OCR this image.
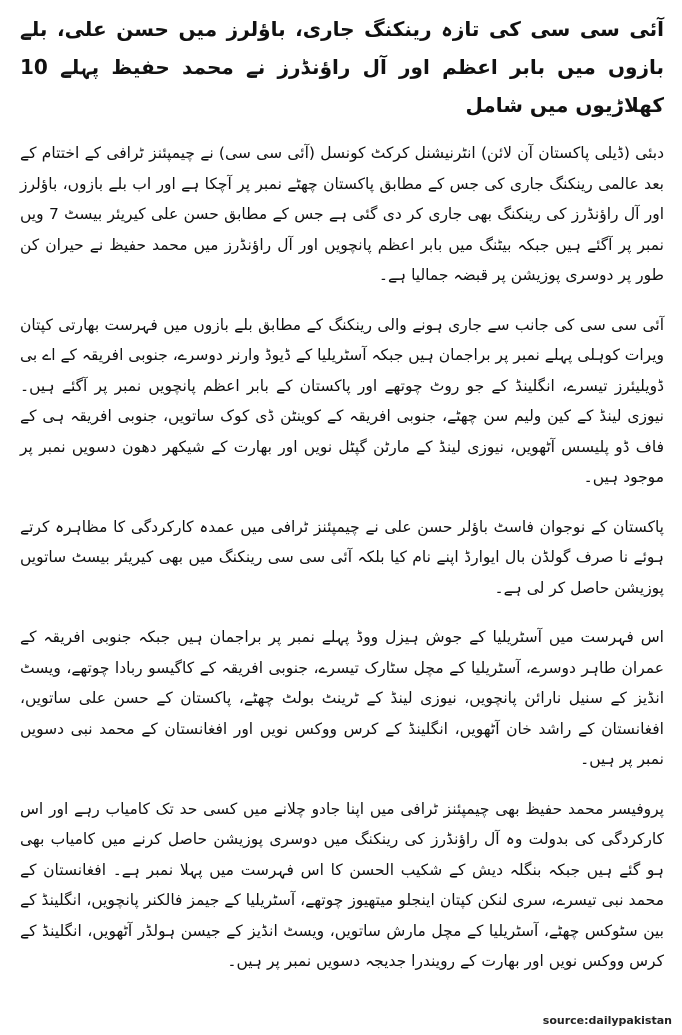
آئی سی سی کی تازہ رینکنگ جاری، باؤلرز میں حسن علی، بلے بازوں میں بابر اعظم اور آل راؤنڈرز نے محمد حفیظ پہلے 10 کھلاڑیوں میں شامل

دبئی (ڈیلی پاکستان آن لائن) انٹرنیشنل کرکٹ کونسل (آئی سی سی) نے چیمپئنز ٹرافی کے اختتام کے بعد عالمی رینکنگ جاری کی جس کے مطابق پاکستان چھٹے نمبر پر آچکا ہے اور اب بلے بازوں، باؤلرز اور آل راؤنڈرز کی رینکنگ بھی جاری کر دی گئی ہے جس کے مطابق حسن علی کیریئر بیسٹ 7 ویں نمبر پر آگئے ہیں جبکہ بیٹنگ میں بابر اعظم پانچویں اور آل راؤنڈرز میں محمد حفیظ نے حیران کن طور پر دوسری پوزیشن پر قبضہ جمالیا ہے۔

آئی سی سی کی جانب سے جاری ہونے والی رینکنگ کے مطابق بلے بازوں میں فہرست بھارتی کپتان ویرات کوہلی پہلے نمبر پر براجمان ہیں جبکہ آسٹریلیا کے ڈیوڈ وارنر دوسرے، جنوبی افریقہ کے اے بی ڈویلیئرز تیسرے، انگلینڈ کے جو روٹ چوتھے اور پاکستان کے بابر اعظم پانچویں نمبر پر آگئے ہیں۔ نیوزی لینڈ کے کین ولیم سن چھٹے، جنوبی افریقہ کے کوینٹن ڈی کوک ساتویں، جنوبی افریقہ ہی کے فاف ڈو پلیسس آٹھویں، نیوزی لینڈ کے مارٹن گپٹل نویں اور بھارت کے شیکھر دھون دسویں نمبر پر موجود ہیں۔

پاکستان کے نوجوان فاسٹ باؤلر حسن علی نے چیمپئنز ٹرافی میں عمدہ کارکردگی کا مظاہرہ کرتے ہوئے نا صرف گولڈن بال ایوارڈ اپنے نام کیا بلکہ آئی سی سی رینکنگ میں بھی کیریئر بیسٹ ساتویں پوزیشن حاصل کر لی ہے۔

اس فہرست میں آسٹریلیا کے جوش ہیزل ووڈ پہلے نمبر پر براجمان ہیں جبکہ جنوبی افریقہ کے عمران طاہر دوسرے، آسٹریلیا کے مچل سٹارک تیسرے، جنوبی افریقہ کے کاگیسو ربادا چوتھے، ویسٹ انڈیز کے سنیل نارائن پانچویں، نیوزی لینڈ کے ٹرینٹ بولٹ چھٹے، پاکستان کے حسن علی ساتویں، افغانستان کے راشد خان آٹھویں، انگلینڈ کے کرس ووکس نویں اور افغانستان کے محمد نبی دسویں نمبر پر ہیں۔

پروفیسر محمد حفیظ بھی چیمپئنز ٹرافی میں اپنا جادو چلانے میں کسی حد تک کامیاب رہے اور اس کارکردگی کی بدولت وہ آل راؤنڈرز کی رینکنگ میں دوسری پوزیشن حاصل کرنے میں کامیاب بھی ہو گئے ہیں جبکہ بنگلہ دیش کے شکیب الحسن کا اس فہرست میں پہلا نمبر ہے۔ افغانستان کے محمد نبی تیسرے، سری لنکن کپتان اینجلو میتھیوز چوتھے، آسٹریلیا کے جیمز فالکنر پانچویں، انگلینڈ کے بین سٹوکس چھٹے، آسٹریلیا کے مچل مارش ساتویں، ویسٹ انڈیز کے جیسن ہولڈر آٹھویں، انگلینڈ کے کرس ووکس نویں اور بھارت کے رویندرا جدیجہ دسویں نمبر پر ہیں۔

source:dailypakistan
